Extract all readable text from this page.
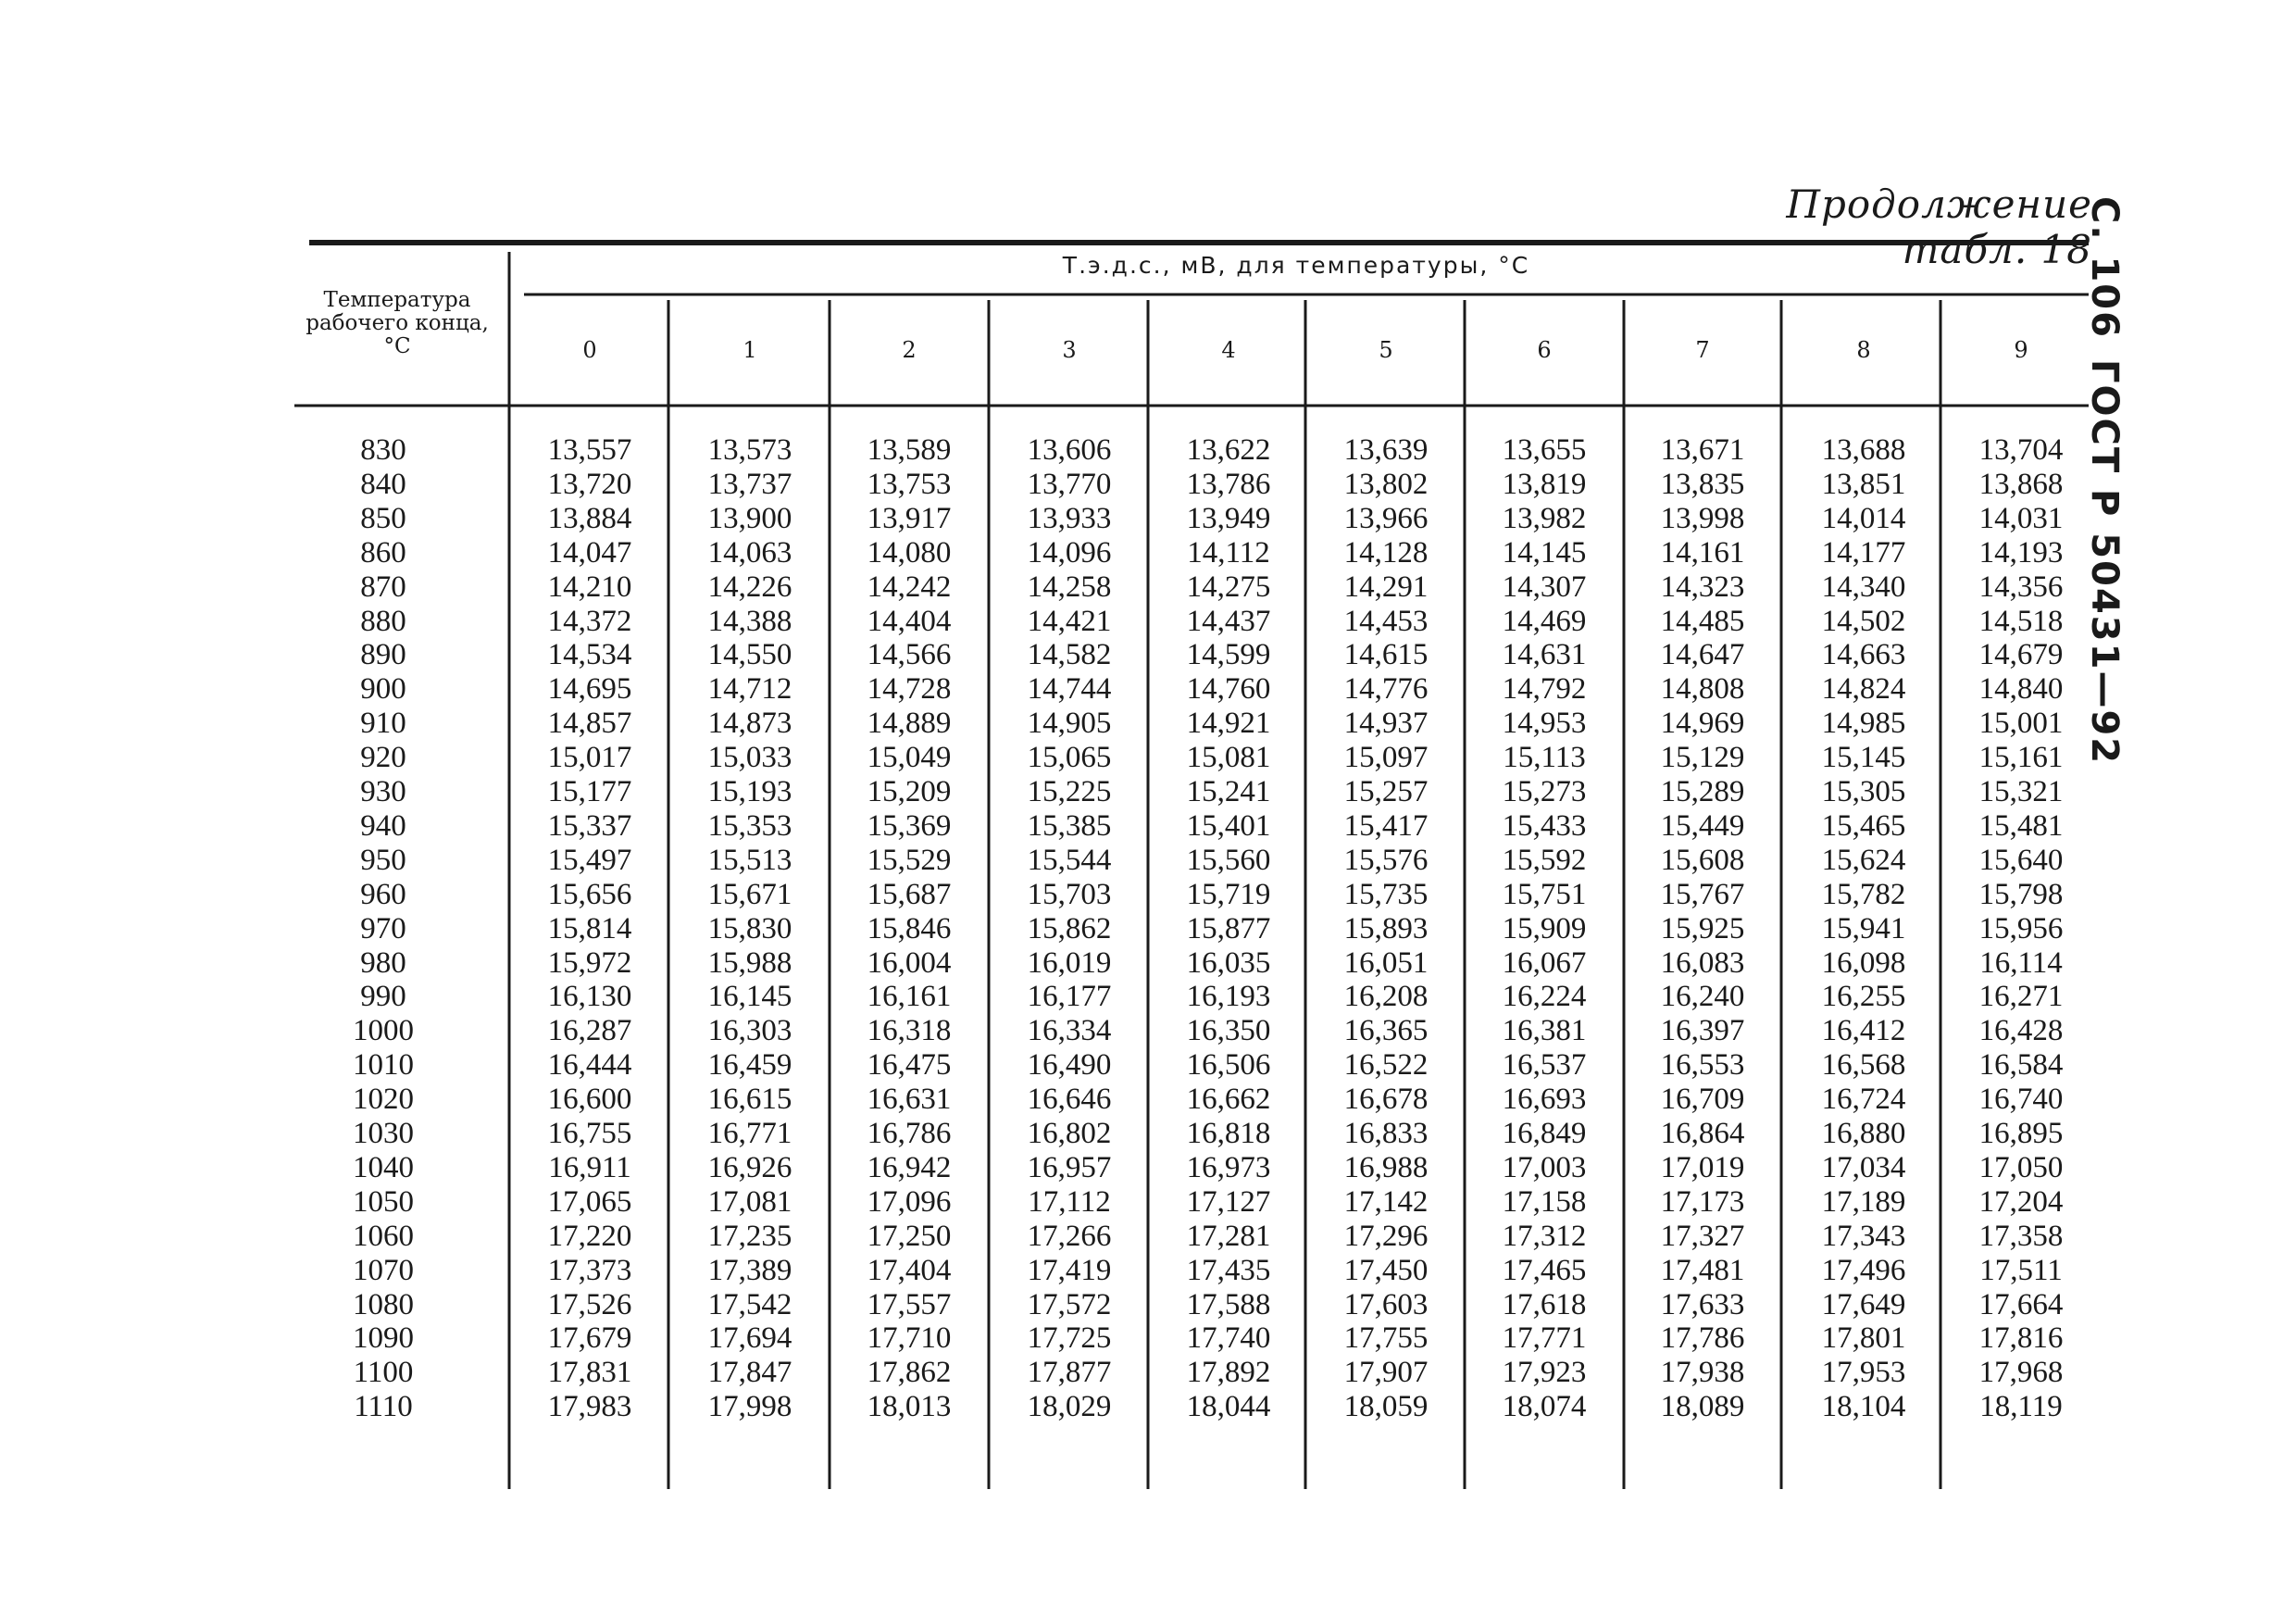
Продолжение табл. 18
С. 106ГОСТ Р 50431—92
Температура рабочего конца, °С
Т.э.д.с., мВ, для температуры, °С
0	1	2	3	4	5	6	7	8	9
830	13,557	13,573	13,589	13,606	13,622	13,639	13,655	13,671	13,688	13,704
840	13,720	13,737	13,753	13,770	13,786	13,802	13,819	13,835	13,851	13,868
850	13,884	13,900	13,917	13,933	13,949	13,966	13,982	13,998	14,014	14,031
860	14,047	14,063	14,080	14,096	14,112	14,128	14,145	14,161	14,177	14,193
870	14,210	14,226	14,242	14,258	14,275	14,291	14,307	14,323	14,340	14,356
880	14,372	14,388	14,404	14,421	14,437	14,453	14,469	14,485	14,502	14,518
890	14,534	14,550	14,566	14,582	14,599	14,615	14,631	14,647	14,663	14,679
900	14,695	14,712	14,728	14,744	14,760	14,776	14,792	14,808	14,824	14,840
910	14,857	14,873	14,889	14,905	14,921	14,937	14,953	14,969	14,985	15,001
920	15,017	15,033	15,049	15,065	15,081	15,097	15,113	15,129	15,145	15,161
930	15,177	15,193	15,209	15,225	15,241	15,257	15,273	15,289	15,305	15,321
940	15,337	15,353	15,369	15,385	15,401	15,417	15,433	15,449	15,465	15,481
950	15,497	15,513	15,529	15,544	15,560	15,576	15,592	15,608	15,624	15,640
960	15,656	15,671	15,687	15,703	15,719	15,735	15,751	15,767	15,782	15,798
970	15,814	15,830	15,846	15,862	15,877	15,893	15,909	15,925	15,941	15,956
980	15,972	15,988	16,004	16,019	16,035	16,051	16,067	16,083	16,098	16,114
990	16,130	16,145	16,161	16,177	16,193	16,208	16,224	16,240	16,255	16,271
1000	16,287	16,303	16,318	16,334	16,350	16,365	16,381	16,397	16,412	16,428
1010	16,444	16,459	16,475	16,490	16,506	16,522	16,537	16,553	16,568	16,584
1020	16,600	16,615	16,631	16,646	16,662	16,678	16,693	16,709	16,724	16,740
1030	16,755	16,771	16,786	16,802	16,818	16,833	16,849	16,864	16,880	16,895
1040	16,911	16,926	16,942	16,957	16,973	16,988	17,003	17,019	17,034	17,050
1050	17,065	17,081	17,096	17,112	17,127	17,142	17,158	17,173	17,189	17,204
1060	17,220	17,235	17,250	17,266	17,281	17,296	17,312	17,327	17,343	17,358
1070	17,373	17,389	17,404	17,419	17,435	17,450	17,465	17,481	17,496	17,511
1080	17,526	17,542	17,557	17,572	17,588	17,603	17,618	17,633	17,649	17,664
1090	17,679	17,694	17,710	17,725	17,740	17,755	17,771	17,786	17,801	17,816
1100	17,831	17,847	17,862	17,877	17,892	17,907	17,923	17,938	17,953	17,968
1110	17,983	17,998	18,013	18,029	18,044	18,059	18,074	18,089	18,104	18,119
